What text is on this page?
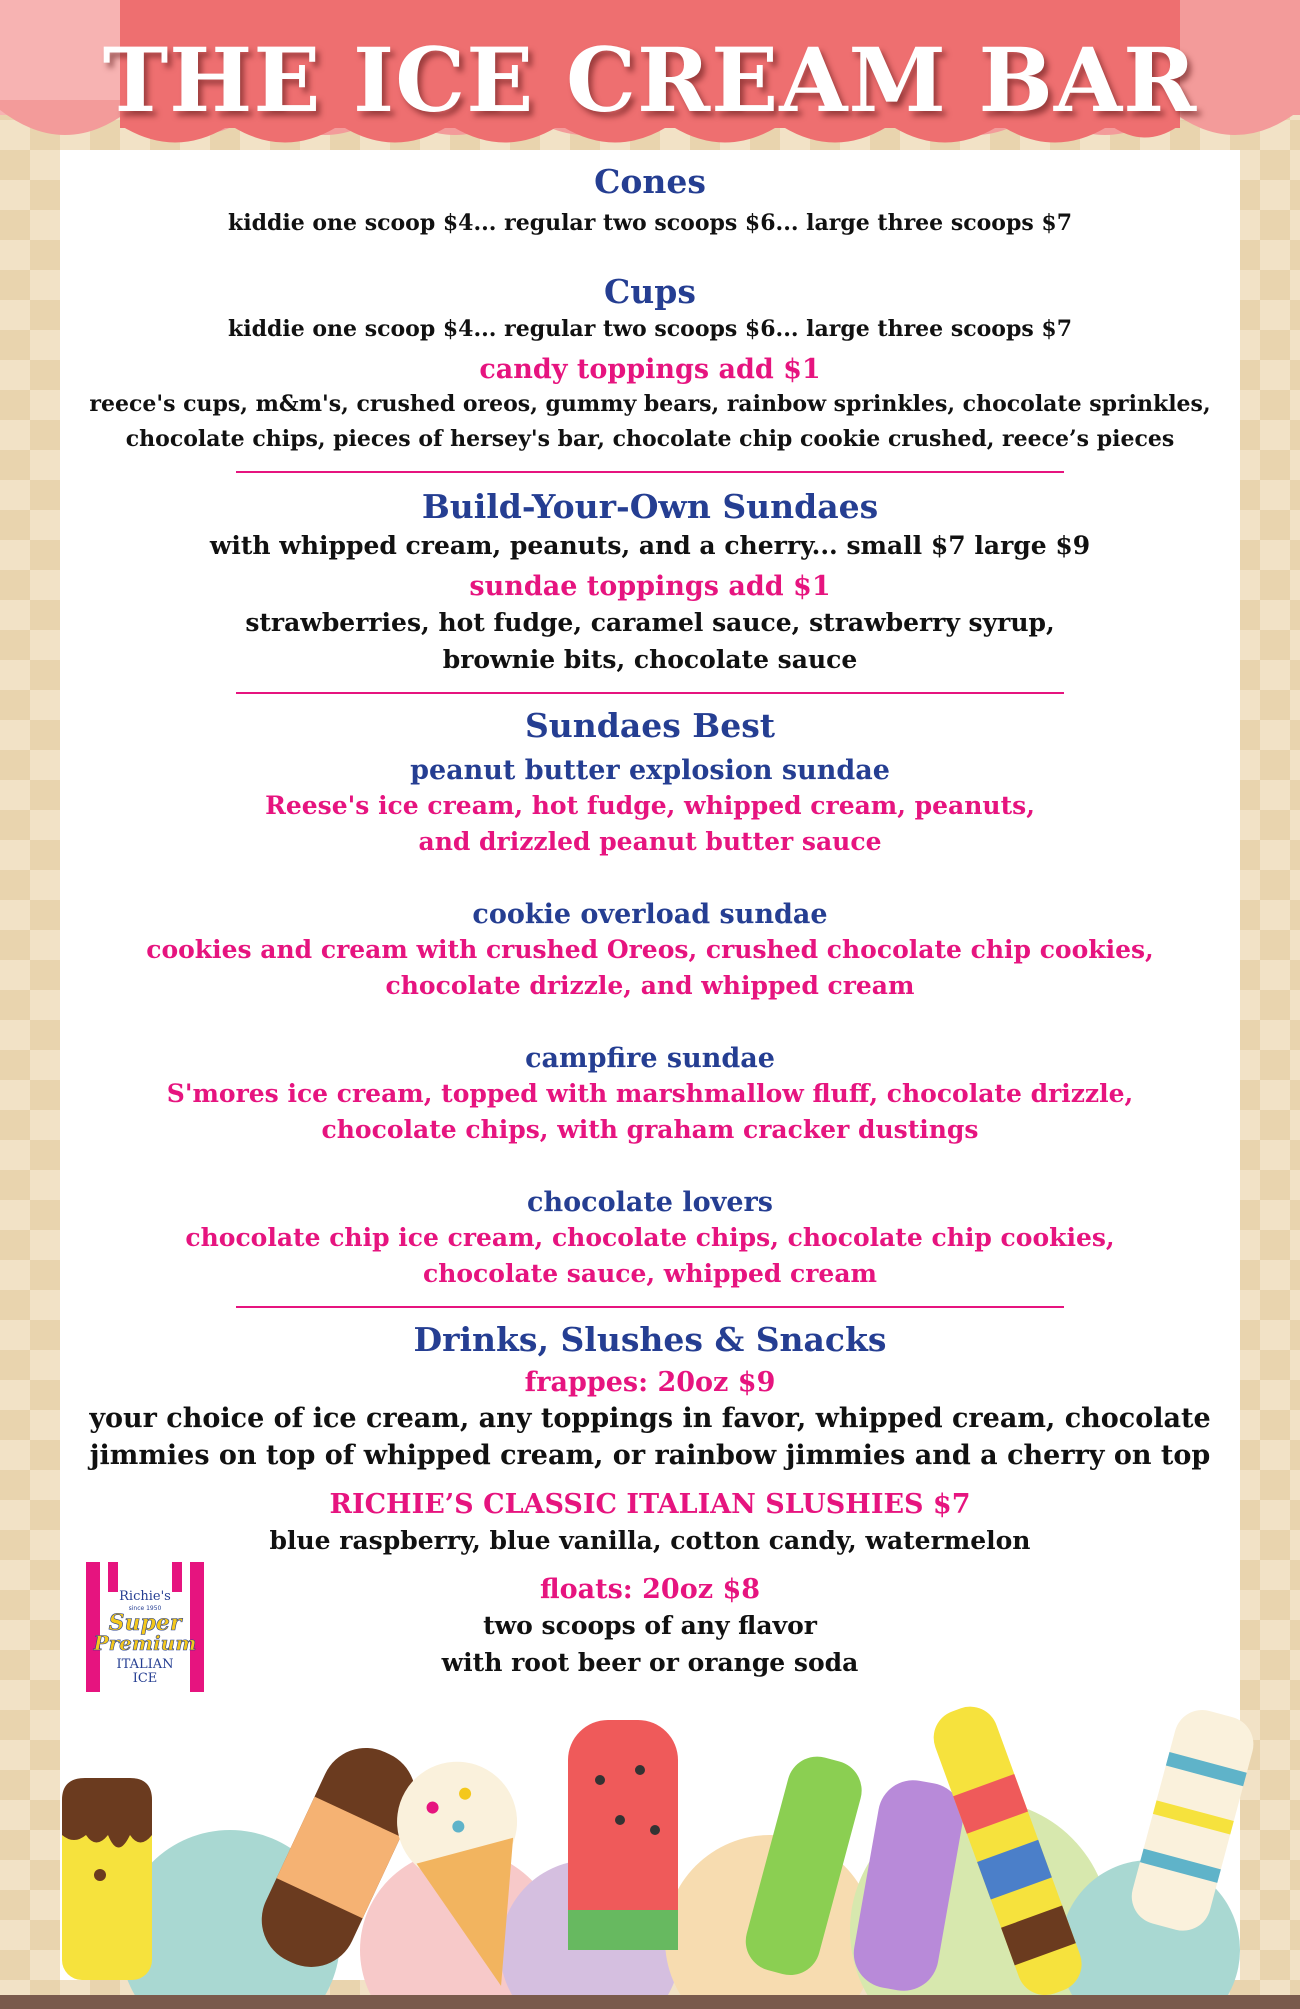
THE ICE CREAM BAR

Cones

kiddie one scoop $4... regular two scoops $6... large three scoops $7

Cups

kiddie one scoop $4... regular two scoops $6... large three scoops $7

candy toppings add $1

reece's cups, m&m's, crushed oreos, gummy bears, rainbow sprinkles, chocolate sprinkles,

chocolate chips, pieces of hersey's bar, chocolate chip cookie crushed, reece’s pieces

Build-Your-Own Sundaes

with whipped cream, peanuts, and a cherry... small $7 large $9

sundae toppings add $1

strawberries, hot fudge, caramel sauce, strawberry syrup,

brownie bits, chocolate sauce

Sundaes Best

peanut butter explosion sundae

Reese's ice cream, hot fudge, whipped cream, peanuts,

and drizzled peanut butter sauce

cookie overload sundae

cookies and cream with crushed Oreos, crushed chocolate chip cookies,

chocolate drizzle, and whipped cream

campfire sundae

S'mores ice cream, topped with marshmallow fluff, chocolate drizzle,

chocolate chips, with graham cracker dustings

chocolate lovers

chocolate chip ice cream, chocolate chips, chocolate chip cookies,

chocolate sauce, whipped cream

Drinks, Slushes & Snacks

frappes: 20oz $9

your choice of ice cream, any toppings in favor, whipped cream, chocolate

jimmies on top of whipped cream, or rainbow jimmies and a cherry on top

RICHIE’S CLASSIC ITALIAN SLUSHIES $7

blue raspberry, blue vanilla, cotton candy, watermelon

floats: 20oz $8

two scoops of any flavor

with root beer or orange soda

Richie's
since 1950
Super
Premium
ITALIAN
ICE
